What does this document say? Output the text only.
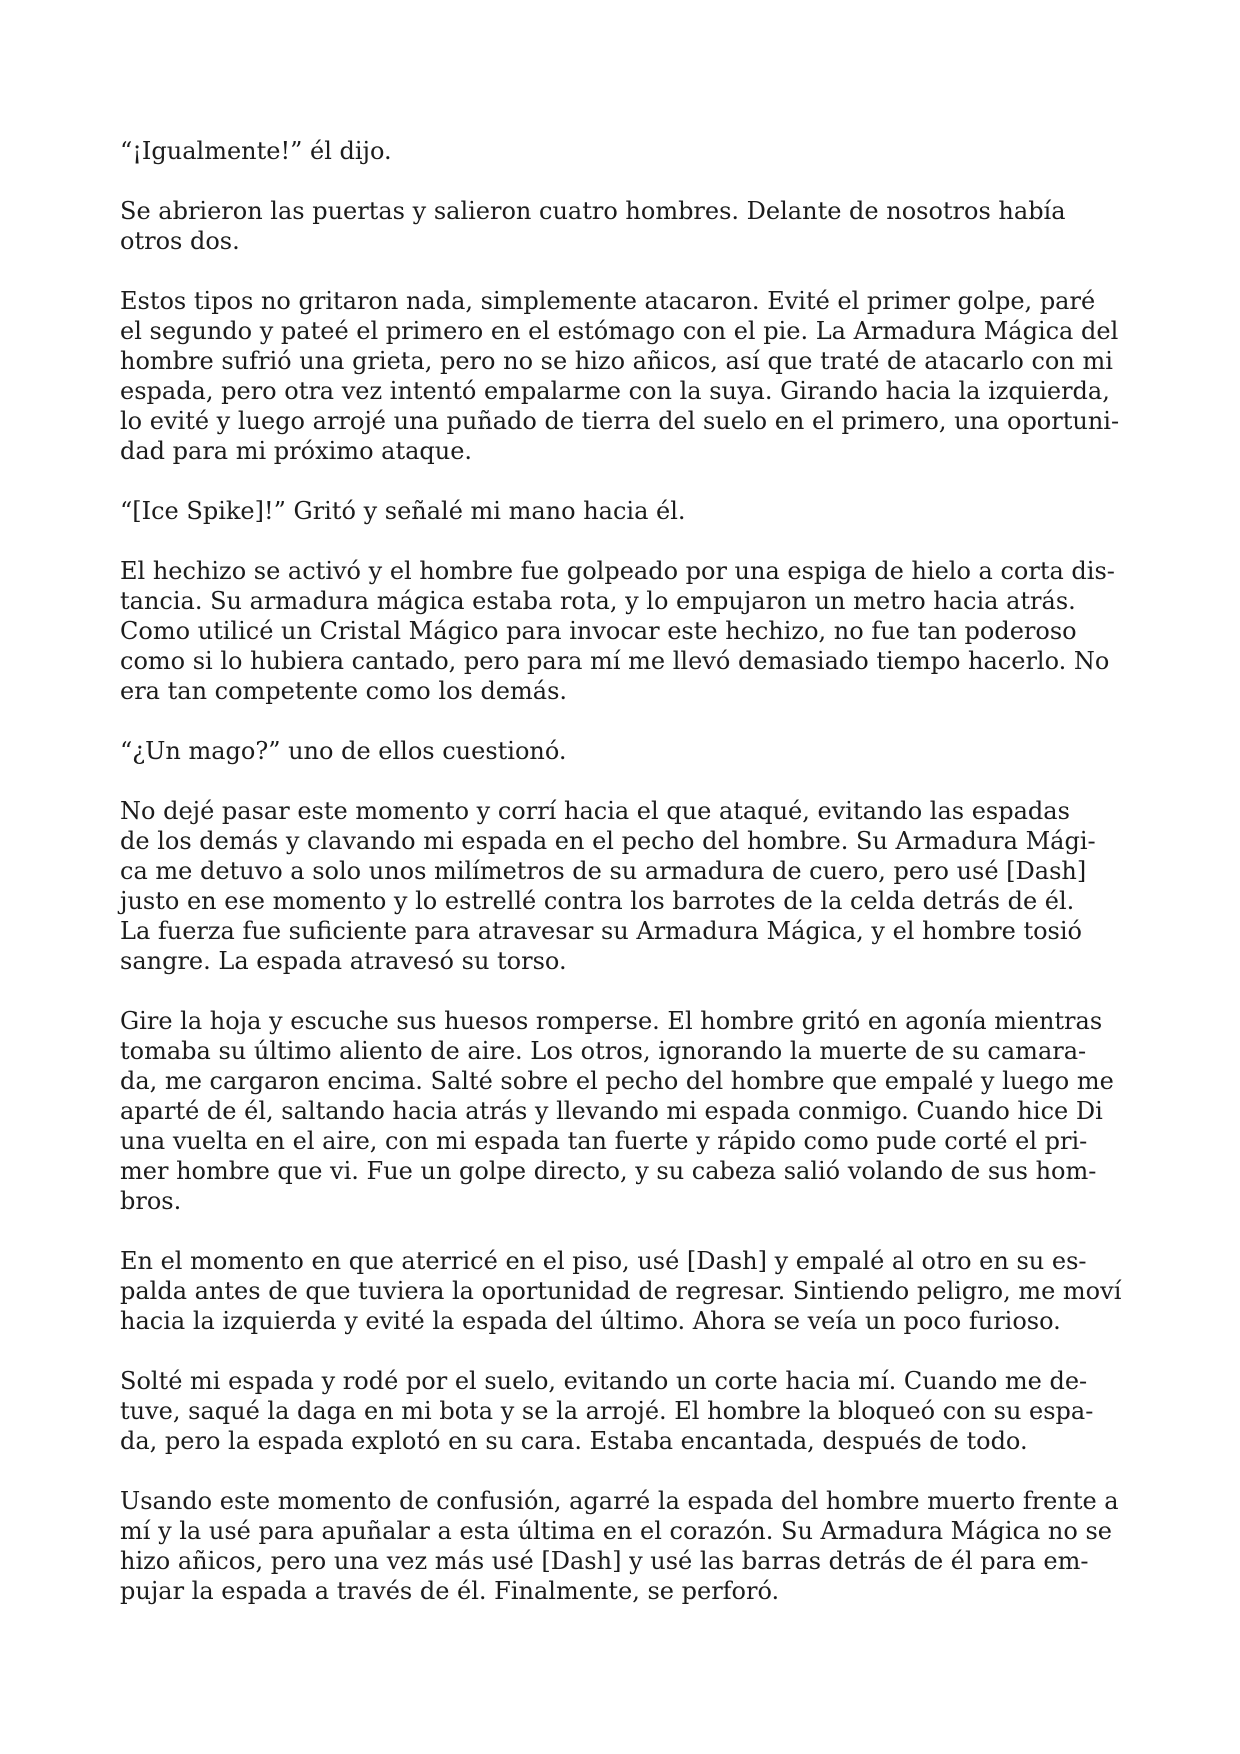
“¡Igualmente!” él dijo.
Se abrieron las puertas y salieron cuatro hombres. Delante de nosotros había
otros dos.
Estos tipos no gritaron nada, simplemente atacaron. Evité el primer golpe, paré
el segundo y pateé el primero en el estómago con el pie. La Armadura Mágica del
hombre sufrió una grieta, pero no se hizo añicos, así que traté de atacarlo con mi
espada, pero otra vez intentó empalarme con la suya. Girando hacia la izquierda,
lo evité y luego arrojé una puñado de tierra del suelo en el primero, una oportuni-
dad para mi próximo ataque.
“[Ice Spike]!” Gritó y señalé mi mano hacia él.
El hechizo se activó y el hombre fue golpeado por una espiga de hielo a corta dis-
tancia. Su armadura mágica estaba rota, y lo empujaron un metro hacia atrás.
Como utilicé un Cristal Mágico para invocar este hechizo, no fue tan poderoso
como si lo hubiera cantado, pero para mí me llevó demasiado tiempo hacerlo. No
era tan competente como los demás.
“¿Un mago?” uno de ellos cuestionó.
No dejé pasar este momento y corrí hacia el que ataqué, evitando las espadas
de los demás y clavando mi espada en el pecho del hombre. Su Armadura Mági-
ca me detuvo a solo unos milímetros de su armadura de cuero, pero usé [Dash]
justo en ese momento y lo estrellé contra los barrotes de la celda detrás de él.
La fuerza fue suficiente para atravesar su Armadura Mágica, y el hombre tosió
sangre. La espada atravesó su torso.
Gire la hoja y escuche sus huesos romperse. El hombre gritó en agonía mientras
tomaba su último aliento de aire. Los otros, ignorando la muerte de su camara-
da, me cargaron encima. Salté sobre el pecho del hombre que empalé y luego me
aparté de él, saltando hacia atrás y llevando mi espada conmigo. Cuando hice Di
una vuelta en el aire, con mi espada tan fuerte y rápido como pude corté el pri-
mer hombre que vi. Fue un golpe directo, y su cabeza salió volando de sus hom-
bros.
En el momento en que aterricé en el piso, usé [Dash] y empalé al otro en su es-
palda antes de que tuviera la oportunidad de regresar. Sintiendo peligro, me moví
hacia la izquierda y evité la espada del último. Ahora se veía un poco furioso.
Solté mi espada y rodé por el suelo, evitando un corte hacia mí. Cuando me de-
tuve, saqué la daga en mi bota y se la arrojé. El hombre la bloqueó con su espa-
da, pero la espada explotó en su cara. Estaba encantada, después de todo.
Usando este momento de confusión, agarré la espada del hombre muerto frente a
mí y la usé para apuñalar a esta última en el corazón. Su Armadura Mágica no se
hizo añicos, pero una vez más usé [Dash] y usé las barras detrás de él para em-
pujar la espada a través de él. Finalmente, se perforó.
